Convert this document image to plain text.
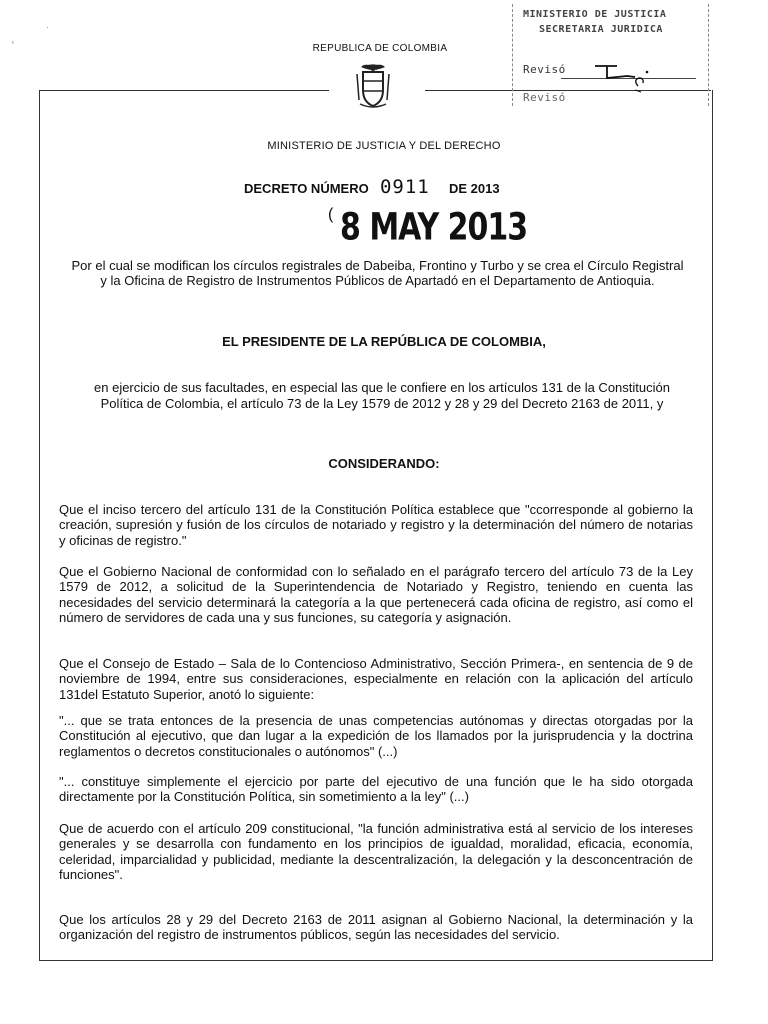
'
·
REPUBLICA DE COLOMBIA
MINISTERIO DE JUSTICIA
SECRETARIA JURIDICA
Revisó
Revisó
MINISTERIO DE JUSTICIA Y DEL DERECHO
DECRETO NÚMERO 0911 DE 2013
( 8 MAY 2013
Por el cual se modifican los círculos registrales de Dabeiba, Frontino y Turbo y se crea el Círculo Registral y la Oficina de Registro de Instrumentos Públicos de Apartadó en el Departamento de Antioquia.
EL PRESIDENTE DE LA REPÚBLICA DE COLOMBIA,
en ejercicio de sus facultades, en especial las que le confiere en los artículos 131 de la Constitución Política de Colombia, el artículo 73 de la Ley 1579 de 2012 y 28 y 29 del Decreto 2163 de 2011, y
CONSIDERANDO:
Que el inciso tercero del artículo 131 de la Constitución Política establece que "ccorresponde al gobierno la creación, supresión y fusión de los círculos de notariado y registro y la determinación del número de notarias y oficinas de registro."
Que el Gobierno Nacional de conformidad con lo señalado en el parágrafo tercero del artículo 73 de la Ley 1579 de 2012, a solicitud de la Superintendencia de Notariado y Registro, teniendo en cuenta las necesidades del servicio determinará la categoría a la que pertenecerá cada oficina de registro, así como el número de servidores de cada una y sus funciones, su categoría y asignación.
Que el Consejo de Estado – Sala de lo Contencioso Administrativo, Sección Primera-, en sentencia de 9 de noviembre de 1994, entre sus consideraciones, especialmente en relación con la aplicación del artículo 131del Estatuto Superior, anotó lo siguiente:
"... que se trata entonces de la presencia de unas competencias autónomas y directas otorgadas por la Constitución al ejecutivo, que dan lugar a la expedición de los llamados por la jurisprudencia y la doctrina reglamentos o decretos constitucionales o autónomos" (...)
"... constituye simplemente el ejercicio por parte del ejecutivo de una función que le ha sido otorgada directamente por la Constitución Política, sin sometimiento a la ley" (...)
Que de acuerdo con el artículo 209 constitucional, "la función administrativa está al servicio de los intereses generales y se desarrolla con fundamento en los principios de igualdad, moralidad, eficacia, economía, celeridad, imparcialidad y publicidad, mediante la descentralización, la delegación y la desconcentración de funciones".
Que los artículos 28 y 29 del Decreto 2163 de 2011 asignan al Gobierno Nacional, la determinación y la organización del registro de instrumentos públicos, según las necesidades del servicio.
